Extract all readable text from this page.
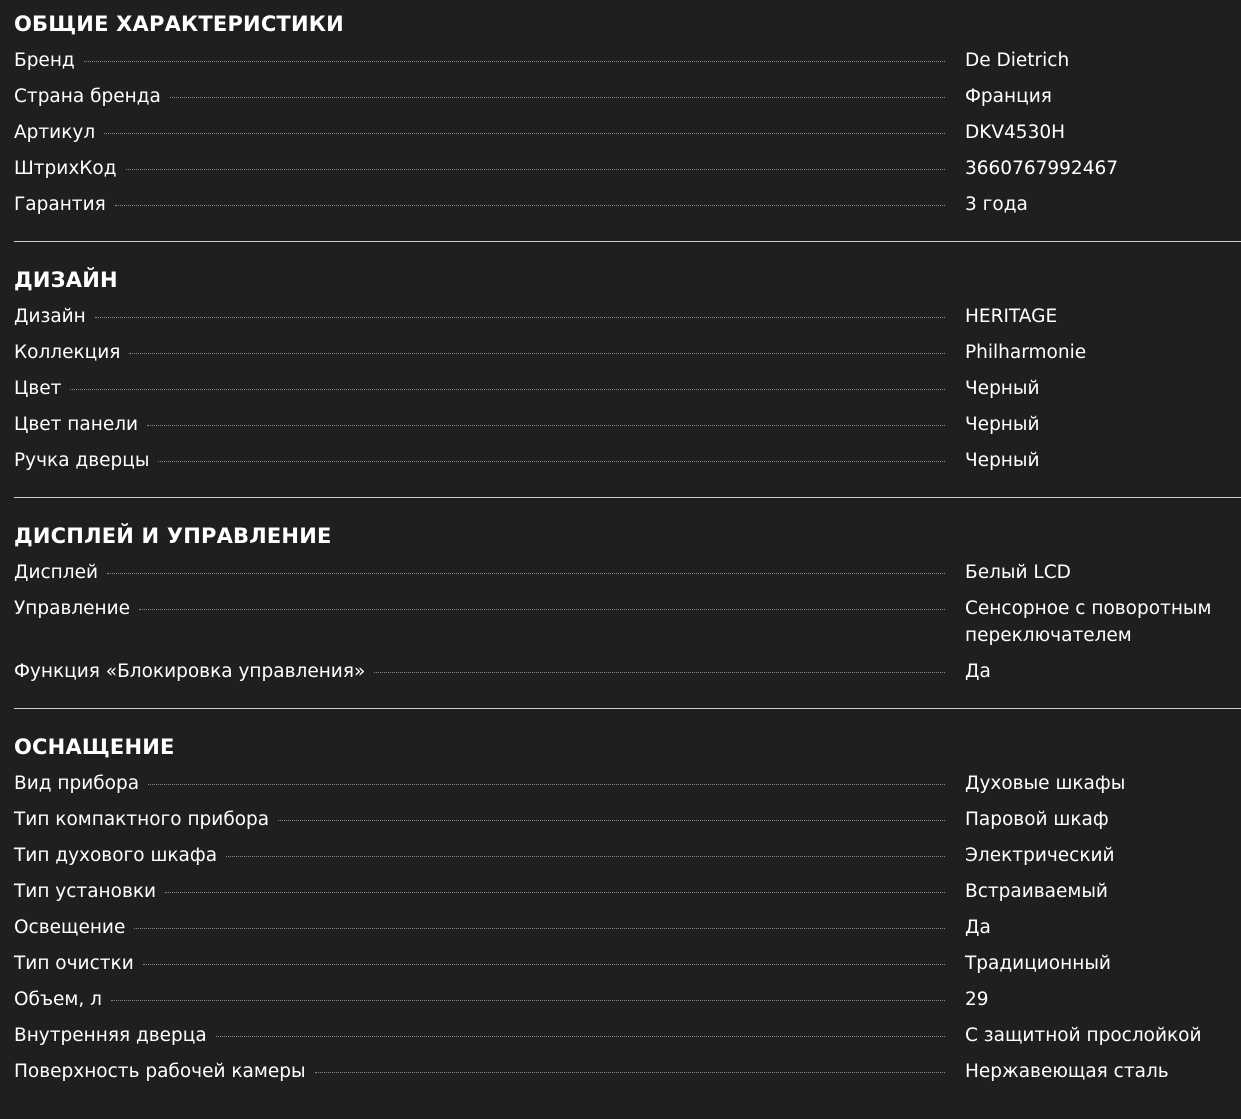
ОБЩИЕ ХАРАКТЕРИСТИКИ
Бренд	De Dietrich
Страна бренда	Франция
Артикул	DKV4530H
ШтрихКод	3660767992467
Гарантия	3 года
ДИЗАЙН
Дизайн	HERITAGE
Коллекция	Philharmonie
Цвет	Черный
Цвет панели	Черный
Ручка дверцы	Черный
ДИСПЛЕЙ И УПРАВЛЕНИЕ
Дисплей	Белый LCD
Управление	Сенсорное с поворотным переключателем
Функция «Блокировка управления»	Да
ОСНАЩЕНИЕ
Вид прибора	Духовые шкафы
Тип компактного прибора	Паровой шкаф
Тип духового шкафа	Электрический
Тип установки	Встраиваемый
Освещение	Да
Тип очистки	Традиционный
Объем, л	29
Внутренняя дверца	С защитной прослойкой
Поверхность рабочей камеры	Нержавеющая сталь
